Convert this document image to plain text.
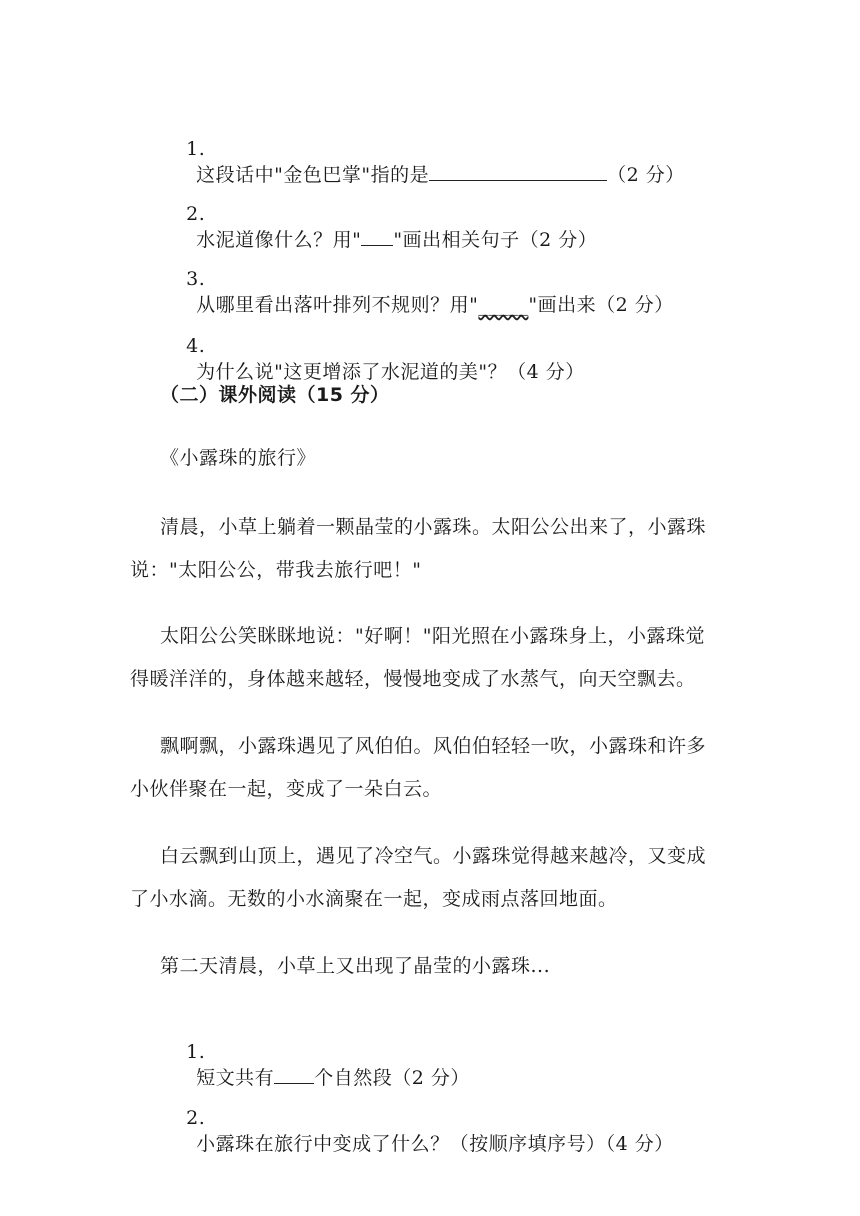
1.
这段话中"金色巴掌"指的是	（2 分）

2.
水泥道像什么？用" "画出相关句子（2 分）

3.
从哪里看出落叶排列不规则？用"_____"画出来（2 分）

4.
为什么说"这更增添了水泥道的美"？（4 分）

（二）课外阅读（15 分）
《小露珠的旅行》
清晨，小草上躺着一颗晶莹的小露珠。太阳公公出来了，小露珠
说："太阳公公，带我去旅行吧！"
太阳公公笑眯眯地说："好啊！"阳光照在小露珠身上，小露珠觉
得暖洋洋的，身体越来越轻，慢慢地变成了水蒸气，向天空飘去。
飘啊飘，小露珠遇见了风伯伯。风伯伯轻轻一吹，小露珠和许多
小伙伴聚在一起，变成了一朵白云。
白云飘到山顶上，遇见了冷空气。小露珠觉得越来越冷，又变成
了小水滴。无数的小水滴聚在一起，变成雨点落回地面。
第二天清晨，小草上又出现了晶莹的小露珠...

1.
短文共有 个自然段（2 分）

2.
小露珠在旅行中变成了什么？（按顺序填序号）（4 分）
